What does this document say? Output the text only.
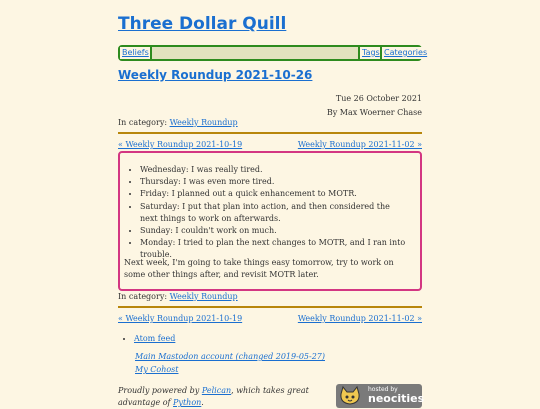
Three Dollar Quill
Beliefs	Tags Categories
Weekly Roundup 2021-10-26
Tue 26 October 2021
By Max Woerner Chase
In category: Weekly Roundup
« Weekly Roundup 2021-10-19	Weekly Roundup 2021-11-02 »
• Wednesday: I was really tired.
• Thursday: I was even more tired.
• Friday: I planned out a quick enhancement to MOTR.
• Saturday: I put that plan into action, and then considered the next things to work on afterwards.
• Sunday: I couldn't work on much.
• Monday: I tried to plan the next changes to MOTR, and I ran into trouble.

Next week, I'm going to take things easy tomorrow, try to work on some other things after, and revisit MOTR later.

In category: Weekly Roundup
« Weekly Roundup 2021-10-19	Weekly Roundup 2021-11-02 »
• Atom feed
Main Mastodon account (changed 2019-05-27)
My Cohost
Proudly powered by Pelican, which takes great advantage of Python.
hosted by
neocities
